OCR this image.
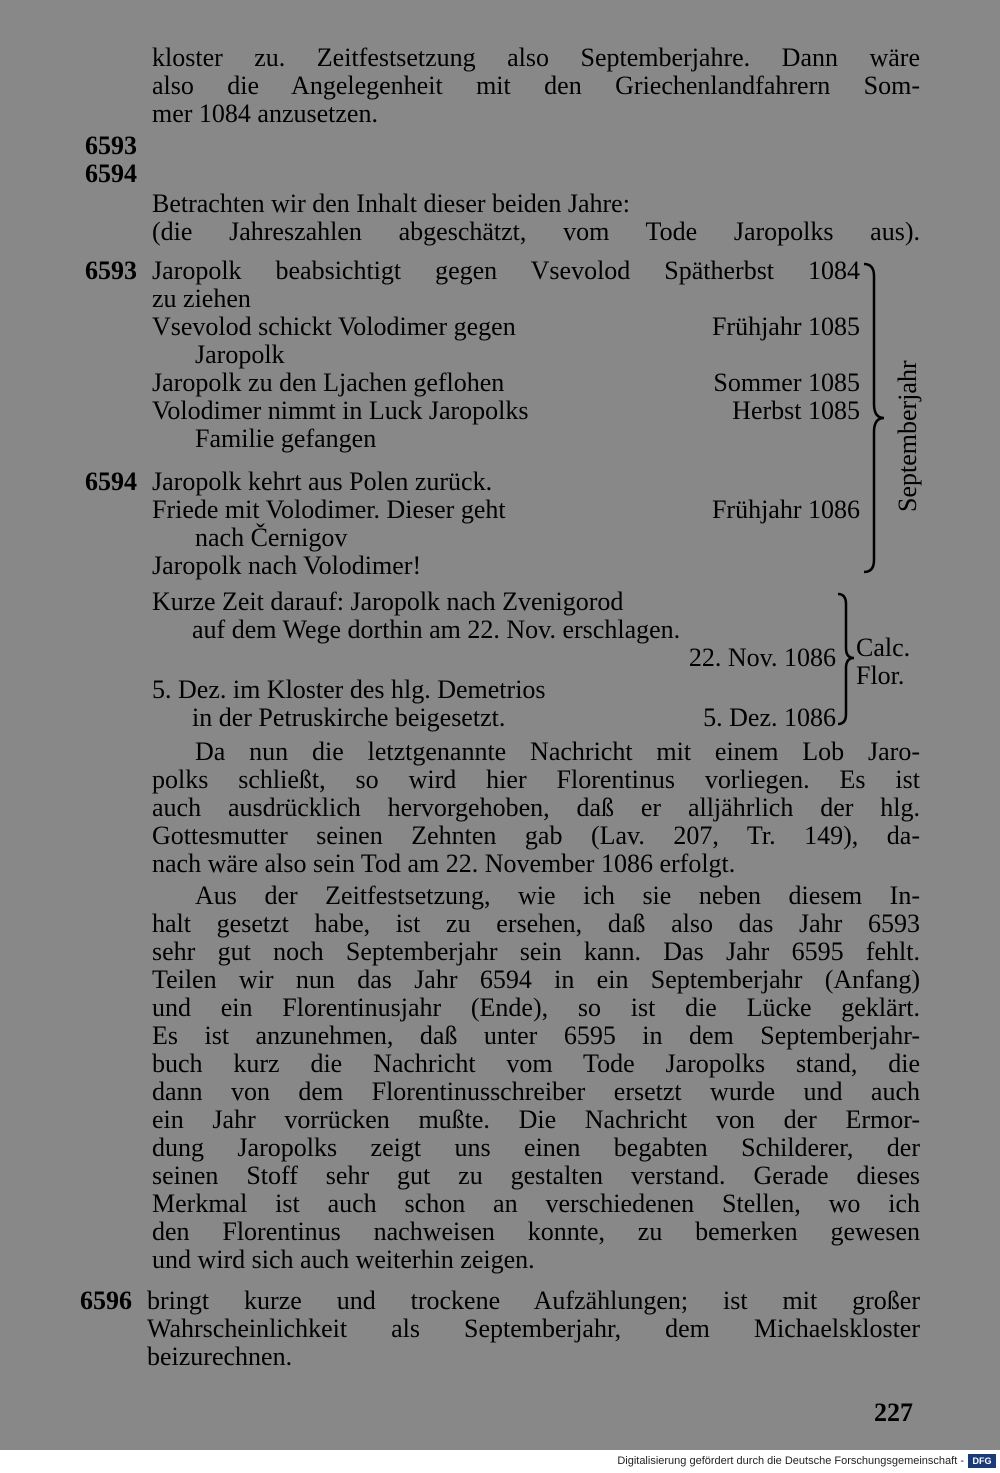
kloster zu. Zeitfestsetzung also Septemberjahre. Dann wäre
also die Angelegenheit mit den Griechenlandfahrern Som-
mer 1084 anzusetzen.
6593
6594
Betrachten wir den Inhalt dieser beiden Jahre:
(die Jahreszahlen abgeschätzt, vom Tode Jaropolks aus).
6593 Jaropolk beabsichtigt gegen Vsevolod Spätherbst 1084
zu ziehen
Vsevolod schickt Volodimer gegen	Frühjahr 1085
Jaropolk
Jaropolk zu den Ljachen geflohen	Sommer 1085
Volodimer nimmt in Luck Jaropolks	Herbst 1085
Familie gefangen
6594 Jaropolk kehrt aus Polen zurück.
Friede mit Volodimer. Dieser geht	Frühjahr 1086
nach Černigov
Jaropolk nach Volodimer!
Septemberjahr
Kurze Zeit darauf: Jaropolk nach Zvenigorod
auf dem Wege dorthin am 22. Nov. erschlagen.
22. Nov. 1086
5. Dez. im Kloster des hlg. Demetrios
in der Petruskirche beigesetzt.	5. Dez. 1086
Calc.
Flor.
Da nun die letztgenannte Nachricht mit einem Lob Jaro-
polks schließt, so wird hier Florentinus vorliegen. Es ist
auch ausdrücklich hervorgehoben, daß er alljährlich der hlg.
Gottesmutter seinen Zehnten gab (Lav. 207, Tr. 149), da-
nach wäre also sein Tod am 22. November 1086 erfolgt.
Aus der Zeitfestsetzung, wie ich sie neben diesem In-
halt gesetzt habe, ist zu ersehen, daß also das Jahr 6593
sehr gut noch Septemberjahr sein kann. Das Jahr 6595 fehlt.
Teilen wir nun das Jahr 6594 in ein Septemberjahr (Anfang)
und ein Florentinusjahr (Ende), so ist die Lücke geklärt.
Es ist anzunehmen, daß unter 6595 in dem Septemberjahr-
buch kurz die Nachricht vom Tode Jaropolks stand, die
dann von dem Florentinusschreiber ersetzt wurde und auch
ein Jahr vorrücken mußte. Die Nachricht von der Ermor-
dung Jaropolks zeigt uns einen begabten Schilderer, der
seinen Stoff sehr gut zu gestalten verstand. Gerade dieses
Merkmal ist auch schon an verschiedenen Stellen, wo ich
den Florentinus nachweisen konnte, zu bemerken gewesen
und wird sich auch weiterhin zeigen.
6596 bringt kurze und trockene Aufzählungen; ist mit großer
Wahrscheinlichkeit als Septemberjahr, dem Michaelskloster
beizurechnen.
227
Digitalisierung gefördert durch die Deutsche Forschungsgemeinschaft - DFG
